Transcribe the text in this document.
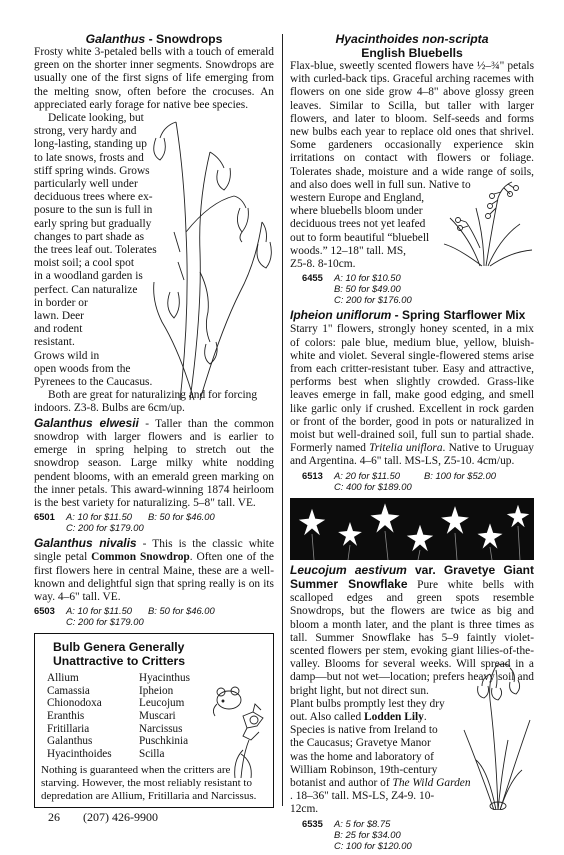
Galanthus - Snowdrops

Frosty white 3-petaled bells with a touch of emerald green on the shorter inner segments. Snowdrops are usually one of the first signs of life emerging from the melting snow, often before the crocuses. An appreciated early forage for native bee species.

Delicate looking, but
strong, very hardy and
long-lasting, standing up
to late snows, frosts and
stiff spring winds. Grows
particularly well under
deciduous trees where ex-
posure to the sun is full in
early spring but gradually
changes to part shade as
the trees leaf out. Tolerates
moist soil; a cool spot
in a woodland garden is
perfect. Can naturalize
in border or
lawn. Deer
and rodent
resistant.
Grows wild in
open woods from the
Pyrenees to the Caucasus.

Both are great for naturalizing and for forcing indoors. Z3-8. Bulbs are 6cm/up.

Galanthus elwesii - Taller than the common snowdrop with larger flowers and is earlier to emerge in spring helping to stretch out the snowdrop season. Large milky white nodding pendent blooms, with an emerald green marking on the inner petals. This award-winning 1874 heirloom is the best variety for naturalizing. 5–8" tall. VE.

6501	A: 10 for $11.50	B: 50 for $46.00
C: 200 for $179.00

Galanthus nivalis - This is the classic white single petal Common Snowdrop. Often one of the first flowers here in central Maine, these are a well-known and delightful sign that spring really is on its way. 4–6" tall. VE.

6503	A: 10 for $11.50	B: 50 for $46.00
C: 200 for $179.00
Bulb Genera Generally
Unattractive to Critters
Allium
Camassia
Chionodoxa
Eranthis
Fritillaria
Galanthus
Hyacinthoides
Hyacinthus
Ipheion
Leucojum
Muscari
Narcissus
Puschkinia
Scilla

Nothing is guaranteed when the critters are starving. However, the most reliably resistant to depredation are Allium, Fritillaria and Narcissus.

Hyacinthoides non-scripta
English Bluebells

Flax-blue, sweetly scented flowers have ½–¾" petals with curled-back tips. Graceful arching racemes with flowers on one side grow 4–8" above glossy green leaves. Similar to Scilla, but taller with larger flowers, and later to bloom. Self-seeds and forms new bulbs each year to replace old ones that shrivel. Some gardeners occasionally experience skin irritations on contact with flowers or foliage. Tolerates shade, moisture and a wide range of soils, and also does well in full sun. Native to

western Europe and England,
where bluebells bloom under
deciduous trees not yet leafed
out to form beautiful “bluebell
woods.” 12–18" tall. MS,
Z5-8. 8-10cm.
6455	A: 10 for $10.50
B: 50 for $49.00
C: 200 for $176.00

Ipheion uniflorum - Spring Starflower Mix

Starry 1" flowers, strongly honey scented, in a mix of colors: pale blue, medium blue, yellow, bluish-white and violet. Several single-flowered stems arise from each critter-resistant tuber. Easy and attractive, performs best when slightly crowded. Grass-like leaves emerge in fall, make good edging, and smell like garlic only if crushed. Excellent in rock garden or front of the border, good in pots or naturalized in moist but well-drained soil, full sun to partial shade. Formerly named Tritelia uniflora. Native to Uruguay and Argentina. 4–6" tall. MS-LS, Z5-10. 4cm/up.

6513	A: 20 for $11.50	B: 100 for $52.00
C: 400 for $189.00

Leucojum aestivum var. Gravetye Giant Summer Snowflake Pure white bells with scalloped edges and green spots resemble Snowdrops, but the flowers are twice as big and bloom a month later, and the plant is three times as tall. Summer Snowflake has 5–9 faintly violet-scented flowers per stem, evoking giant lilies-of-the-valley. Blooms for several weeks. Will spread in a damp—but not wet—location; prefers heavy soil and bright light, but not direct sun.

Plant bulbs promptly lest they dry
out. Also called Lodden Lily.
Species is native from Ireland to
the Caucasus; Gravetye Manor
was the home and laboratory of
William Robinson, 19th-century
botanist and author of The Wild Garden
. 18–36" tall. MS-LS, Z4-9. 10-12cm.
6535	A: 5 for $8.75
B: 25 for $34.00
C: 100 for $120.00
26 (207) 426-9900
